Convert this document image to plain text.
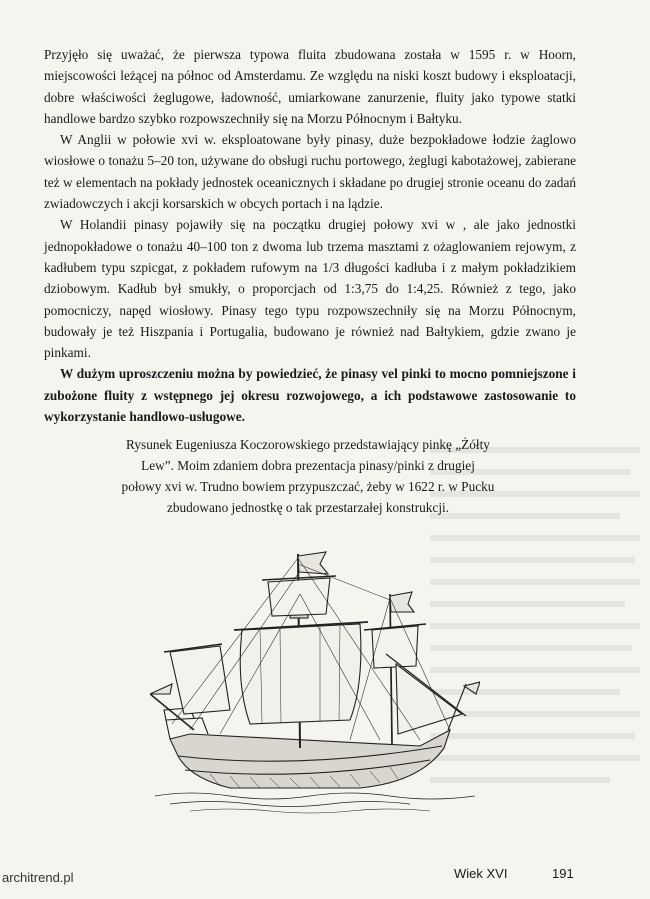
Przyjęło się uważać, że pierwsza typowa fluita zbudowana została w 1595 r. w Hoorn, miejscowości leżącej na północ od Amsterdamu. Ze względu na niski koszt budowy i eksploatacji, dobre właściwości żeglugowe, ładowność, umiarkowane zanurzenie, fluity jako typowe statki handlowe bardzo szybko rozpowszechniły się na Morzu Północnym i Bałtyku.

W Anglii w połowie xvi w. eksploatowane były pinasy, duże bezpokładowe łodzie żaglowo wiosłowe o tonażu 5–20 ton, używane do obsługi ruchu portowego, żeglugi kabotażowej, zabierane też w elementach na pokłady jednostek oceanicznych i składane po drugiej stronie oceanu do zadań zwiadowczych i akcji korsarskich w obcych portach i na lądzie.

W Holandii pinasy pojawiły się na początku drugiej połowy xvi w , ale jako jednostki jednopokładowe o tonażu 40–100 ton z dwoma lub trzema masztami z ożaglowaniem rejowym, z kadłubem typu szpicgat, z pokładem rufowym na 1/3 długości kadłuba i z małym pokładzikiem dziobowym. Kadłub był smukły, o proporcjach od 1:3,75 do 1:4,25. Również z tego, jako pomocniczy, napęd wiosłowy. Pinasy tego typu rozpowszechniły się na Morzu Północnym, budowały je też Hiszpania i Portugalia, budowano je również nad Bałtykiem, gdzie zwano je pinkami.

W dużym uproszczeniu można by powiedzieć, że pinasy vel pinki to mocno pomniejszone i zubożone fluity z wstępnego jej okresu rozwojowego, a ich podstawowe zastosowanie to wykorzystanie handlowo-usługowe.

Rysunek Eugeniusza Koczorowskiego przedstawiający pinkę „Żółty
Lew”. Moim zdaniem dobra prezentacja pinasy/pinki z drugiej
połowy xvi w. Trudno bowiem przypuszczać, żeby w 1622 r. w Pucku
zbudowano jednostkę o tak przestarzałej konstrukcji.
Wiek XVI	191
architrend.pl
